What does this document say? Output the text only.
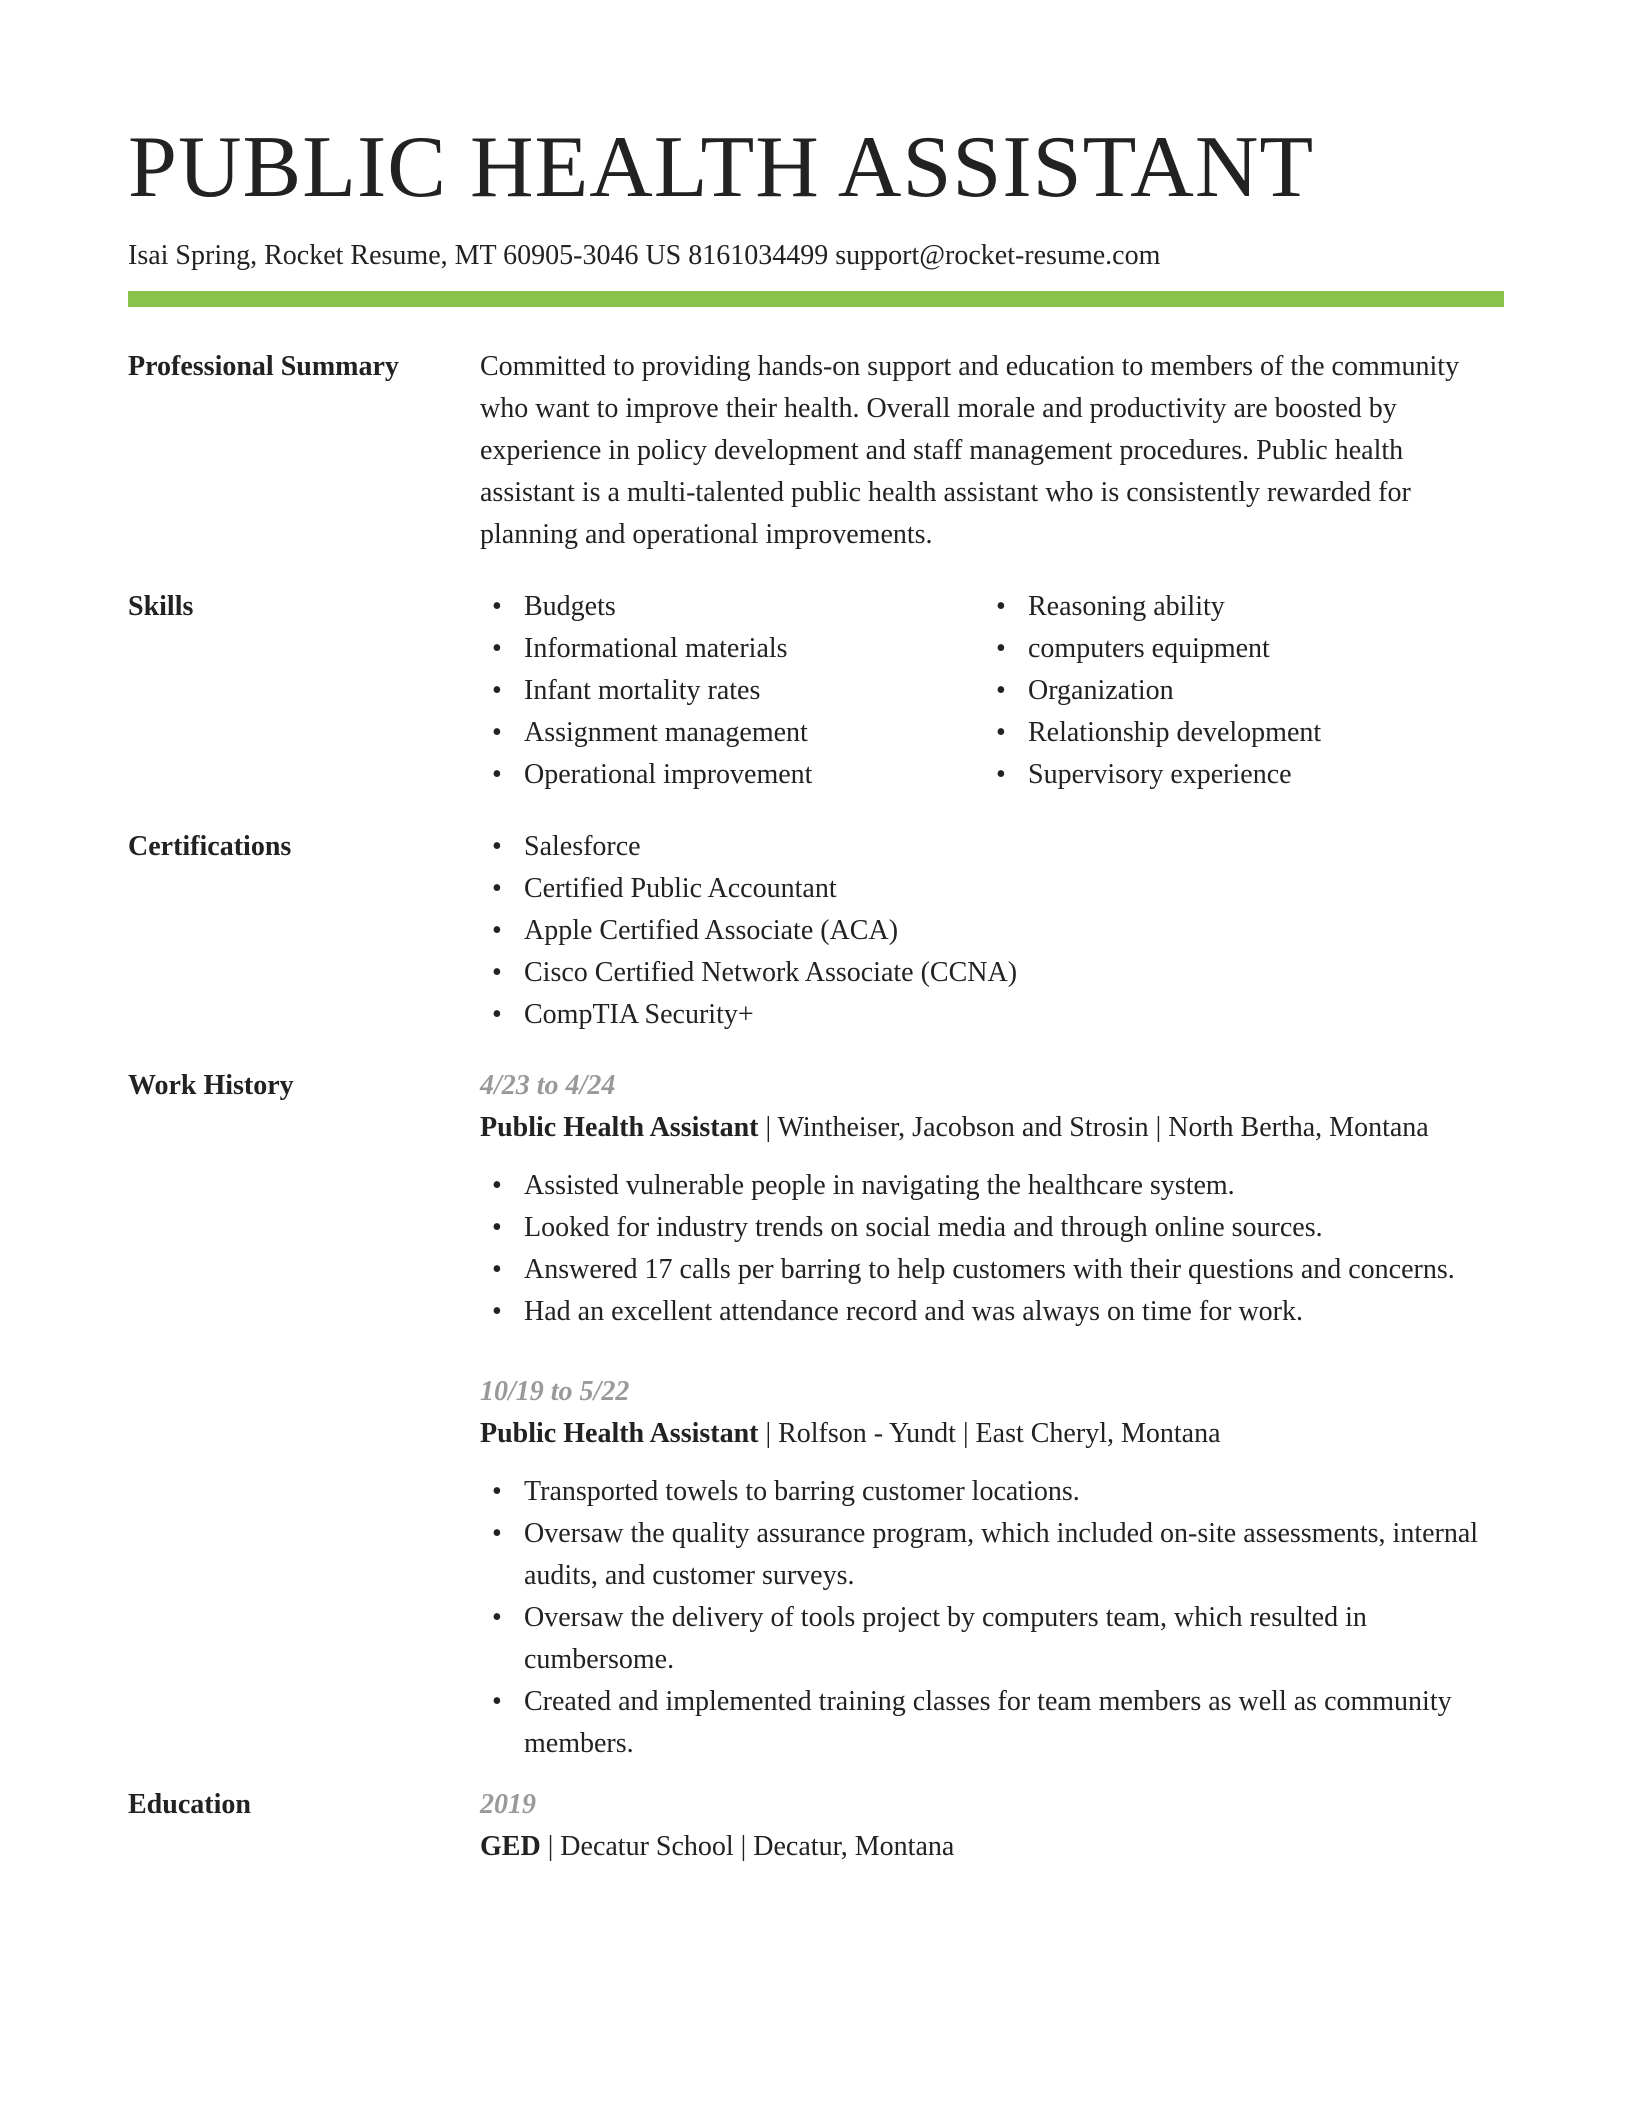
PUBLIC HEALTH ASSISTANT
Isai Spring, Rocket Resume, MT 60905-3046 US 8161034499 support@rocket-resume.com
Professional Summary	Committed to providing hands-on support and education to members of the community who want to improve their health. Overall morale and productivity are boosted by experience in policy development and staff management procedures. Public health assistant is a multi-talented public health assistant who is consistently rewarded for planning and operational improvements.

Skills	• Budgets
• Informational materials
• Infant mortality rates
• Assignment management
• Operational improvement
• Reasoning ability
• computers equipment
• Organization
• Relationship development
• Supervisory experience
Certifications	• Salesforce
• Certified Public Accountant
• Apple Certified Associate (ACA)
• Cisco Certified Network Associate (CCNA)
• CompTIA Security+
Work History	4/23 to 4/24
Public Health Assistant | Wintheiser, Jacobson and Strosin | North Bertha, Montana
• Assisted vulnerable people in navigating the healthcare system.
• Looked for industry trends on social media and through online sources.
• Answered 17 calls per barring to help customers with their questions and concerns.
• Had an excellent attendance record and was always on time for work.
10/19 to 5/22
Public Health Assistant | Rolfson - Yundt | East Cheryl, Montana
• Transported towels to barring customer locations.
• Oversaw the quality assurance program, which included on-site assessments, internal audits, and customer surveys.
• Oversaw the delivery of tools project by computers team, which resulted in cumbersome.
• Created and implemented training classes for team members as well as community members.
Education	2019
GED | Decatur School | Decatur, Montana
